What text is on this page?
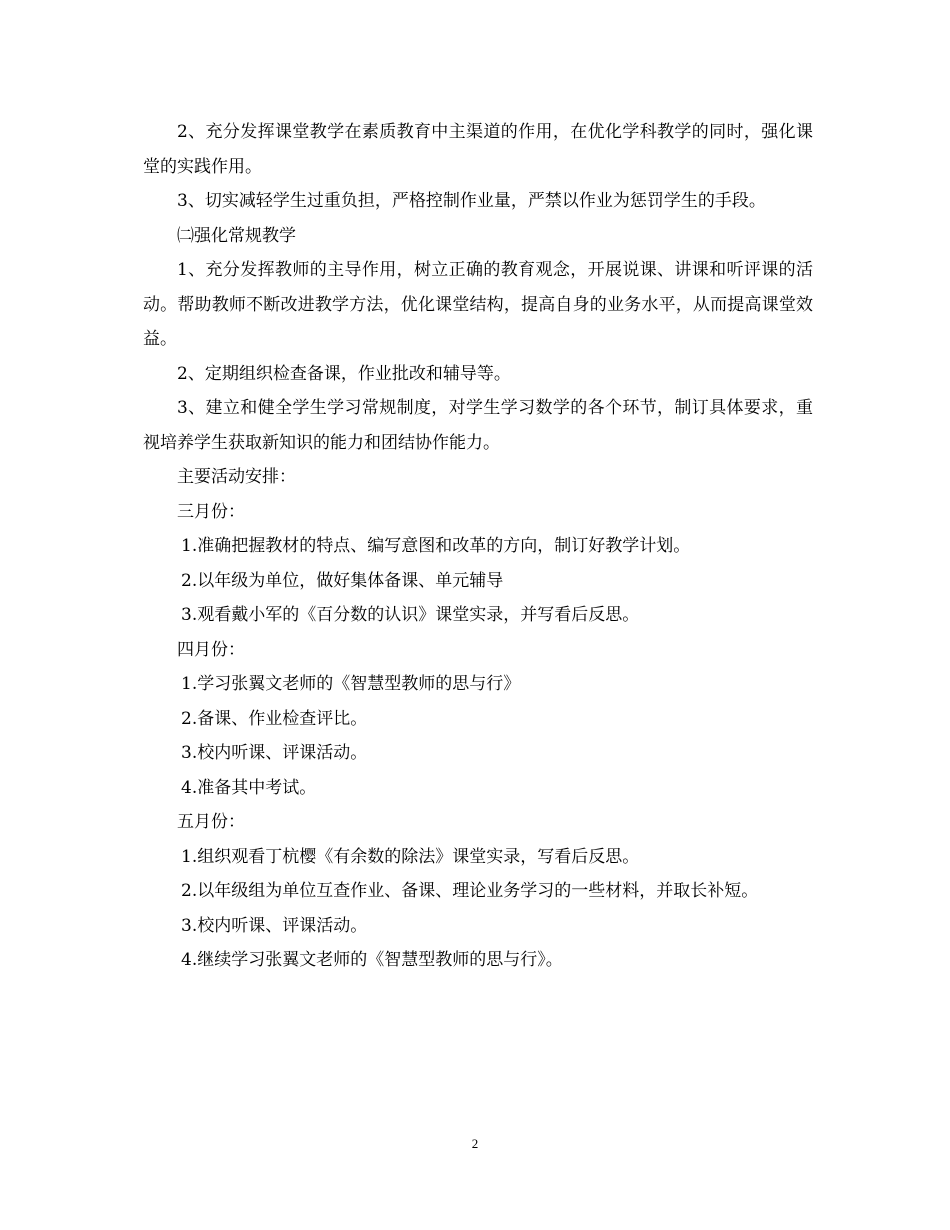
2、充分发挥课堂教学在素质教育中主渠道的作用，在优化学科教学的同时，强化课堂的实践作用。

3、切实减轻学生过重负担，严格控制作业量，严禁以作业为惩罚学生的手段。

㈡强化常规教学

1、充分发挥教师的主导作用，树立正确的教育观念，开展说课、讲课和听评课的活动。帮助教师不断改进教学方法，优化课堂结构，提高自身的业务水平，从而提高课堂效益。

2、定期组织检查备课，作业批改和辅导等。

3、建立和健全学生学习常规制度，对学生学习数学的各个环节，制订具体要求，重视培养学生获取新知识的能力和团结协作能力。

主要活动安排：

三月份：

1.准确把握教材的特点、编写意图和改革的方向，制订好教学计划。

2.以年级为单位，做好集体备课、单元辅导

3.观看戴小军的《百分数的认识》课堂实录，并写看后反思。

四月份：

1.学习张翼文老师的《智慧型教师的思与行》

2.备课、作业检查评比。

3.校内听课、评课活动。

4.准备其中考试。

五月份：

1.组织观看丁杭樱《有余数的除法》课堂实录，写看后反思。

2.以年级组为单位互查作业、备课、理论业务学习的一些材料，并取长补短。

3.校内听课、评课活动。

4.继续学习张翼文老师的《智慧型教师的思与行》。

2
